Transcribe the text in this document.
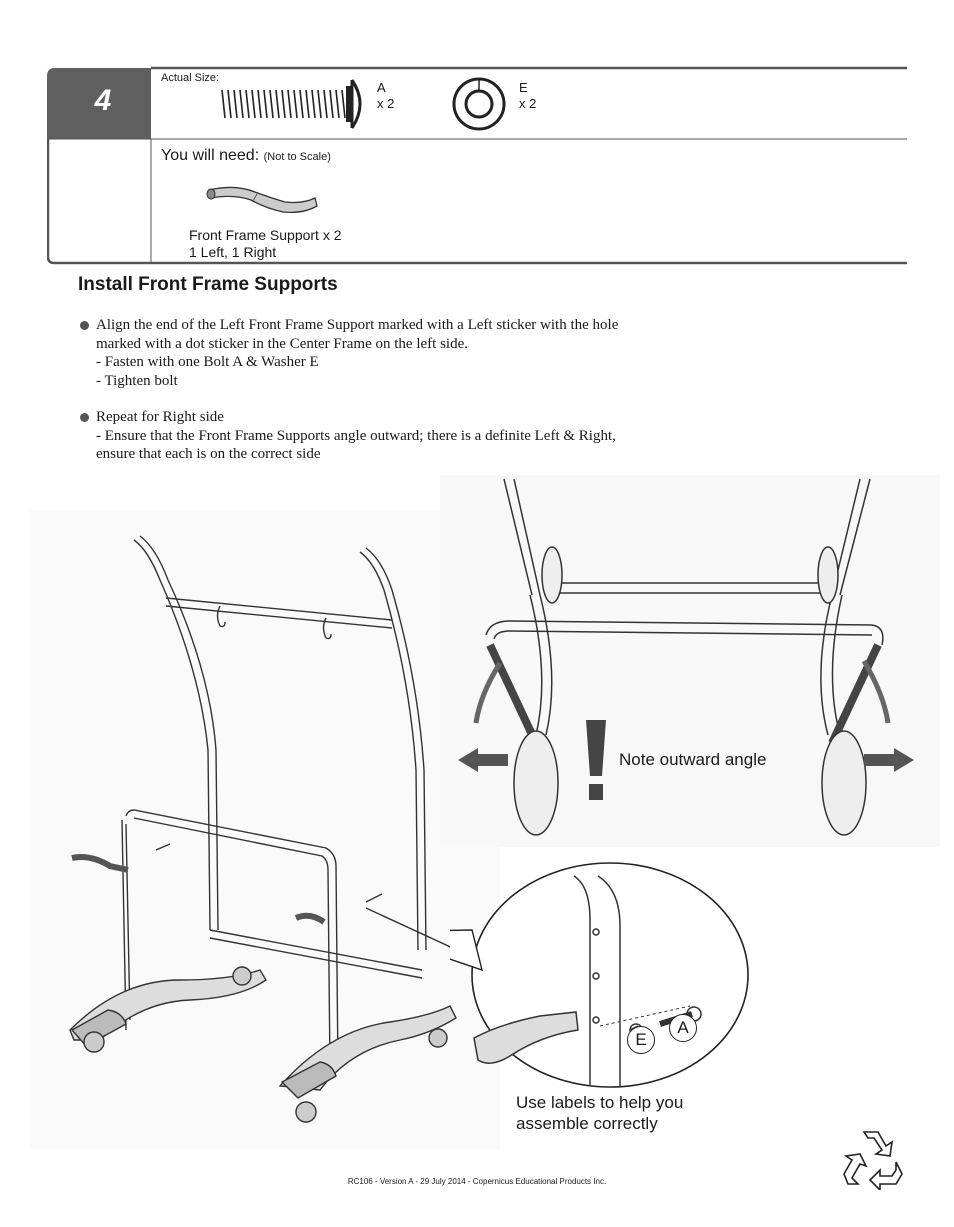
4
Actual Size:
A
x 2
E
x 2
You will need: (Not to Scale)
Front Frame Support x 2
1 Left, 1 Right
Install Front Frame Supports
Align the end of the Left Front Frame Support marked with a Left sticker with the hole
marked with a dot sticker in the Center Frame on the left side.
- Fasten with one Bolt A & Washer E
- Tighten bolt
Repeat for Right side
- Ensure that the Front Frame Supports angle outward; there is a definite Left & Right,
ensure that each is on the correct side
E
A
Note outward angle
Use labels to help you
assemble correctly
RC106 - Version A - 29 July 2014 - Copernicus Educational Products Inc.
